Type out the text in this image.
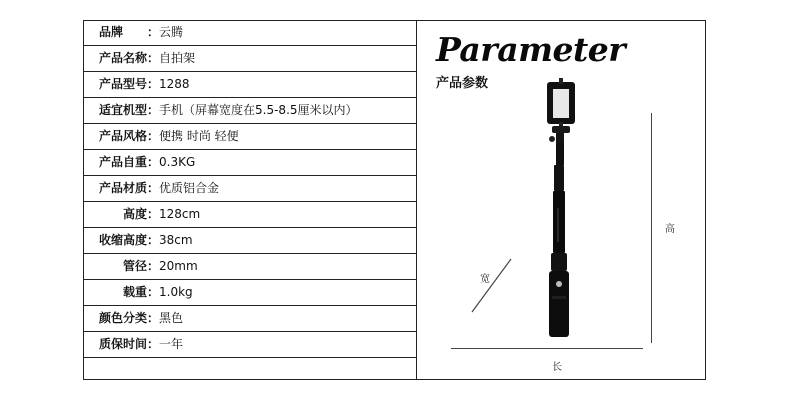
品牌 ：云腾
产品名称 ：自拍架
产品型号 ：1288
适宜机型 ：手机（屏幕宽度在5.5-8.5厘米以内）
产品风格 ：便携 时尚 轻便
产品自重 ：0.3KG
产品材质 ：优质铝合金
高度 ：128cm
收缩高度 ：38cm
管径 ：20mm
载重 ：1.0kg
颜色分类 ：黑色
质保时间 ：一年
Parameter
产品参数
高
长
宽
